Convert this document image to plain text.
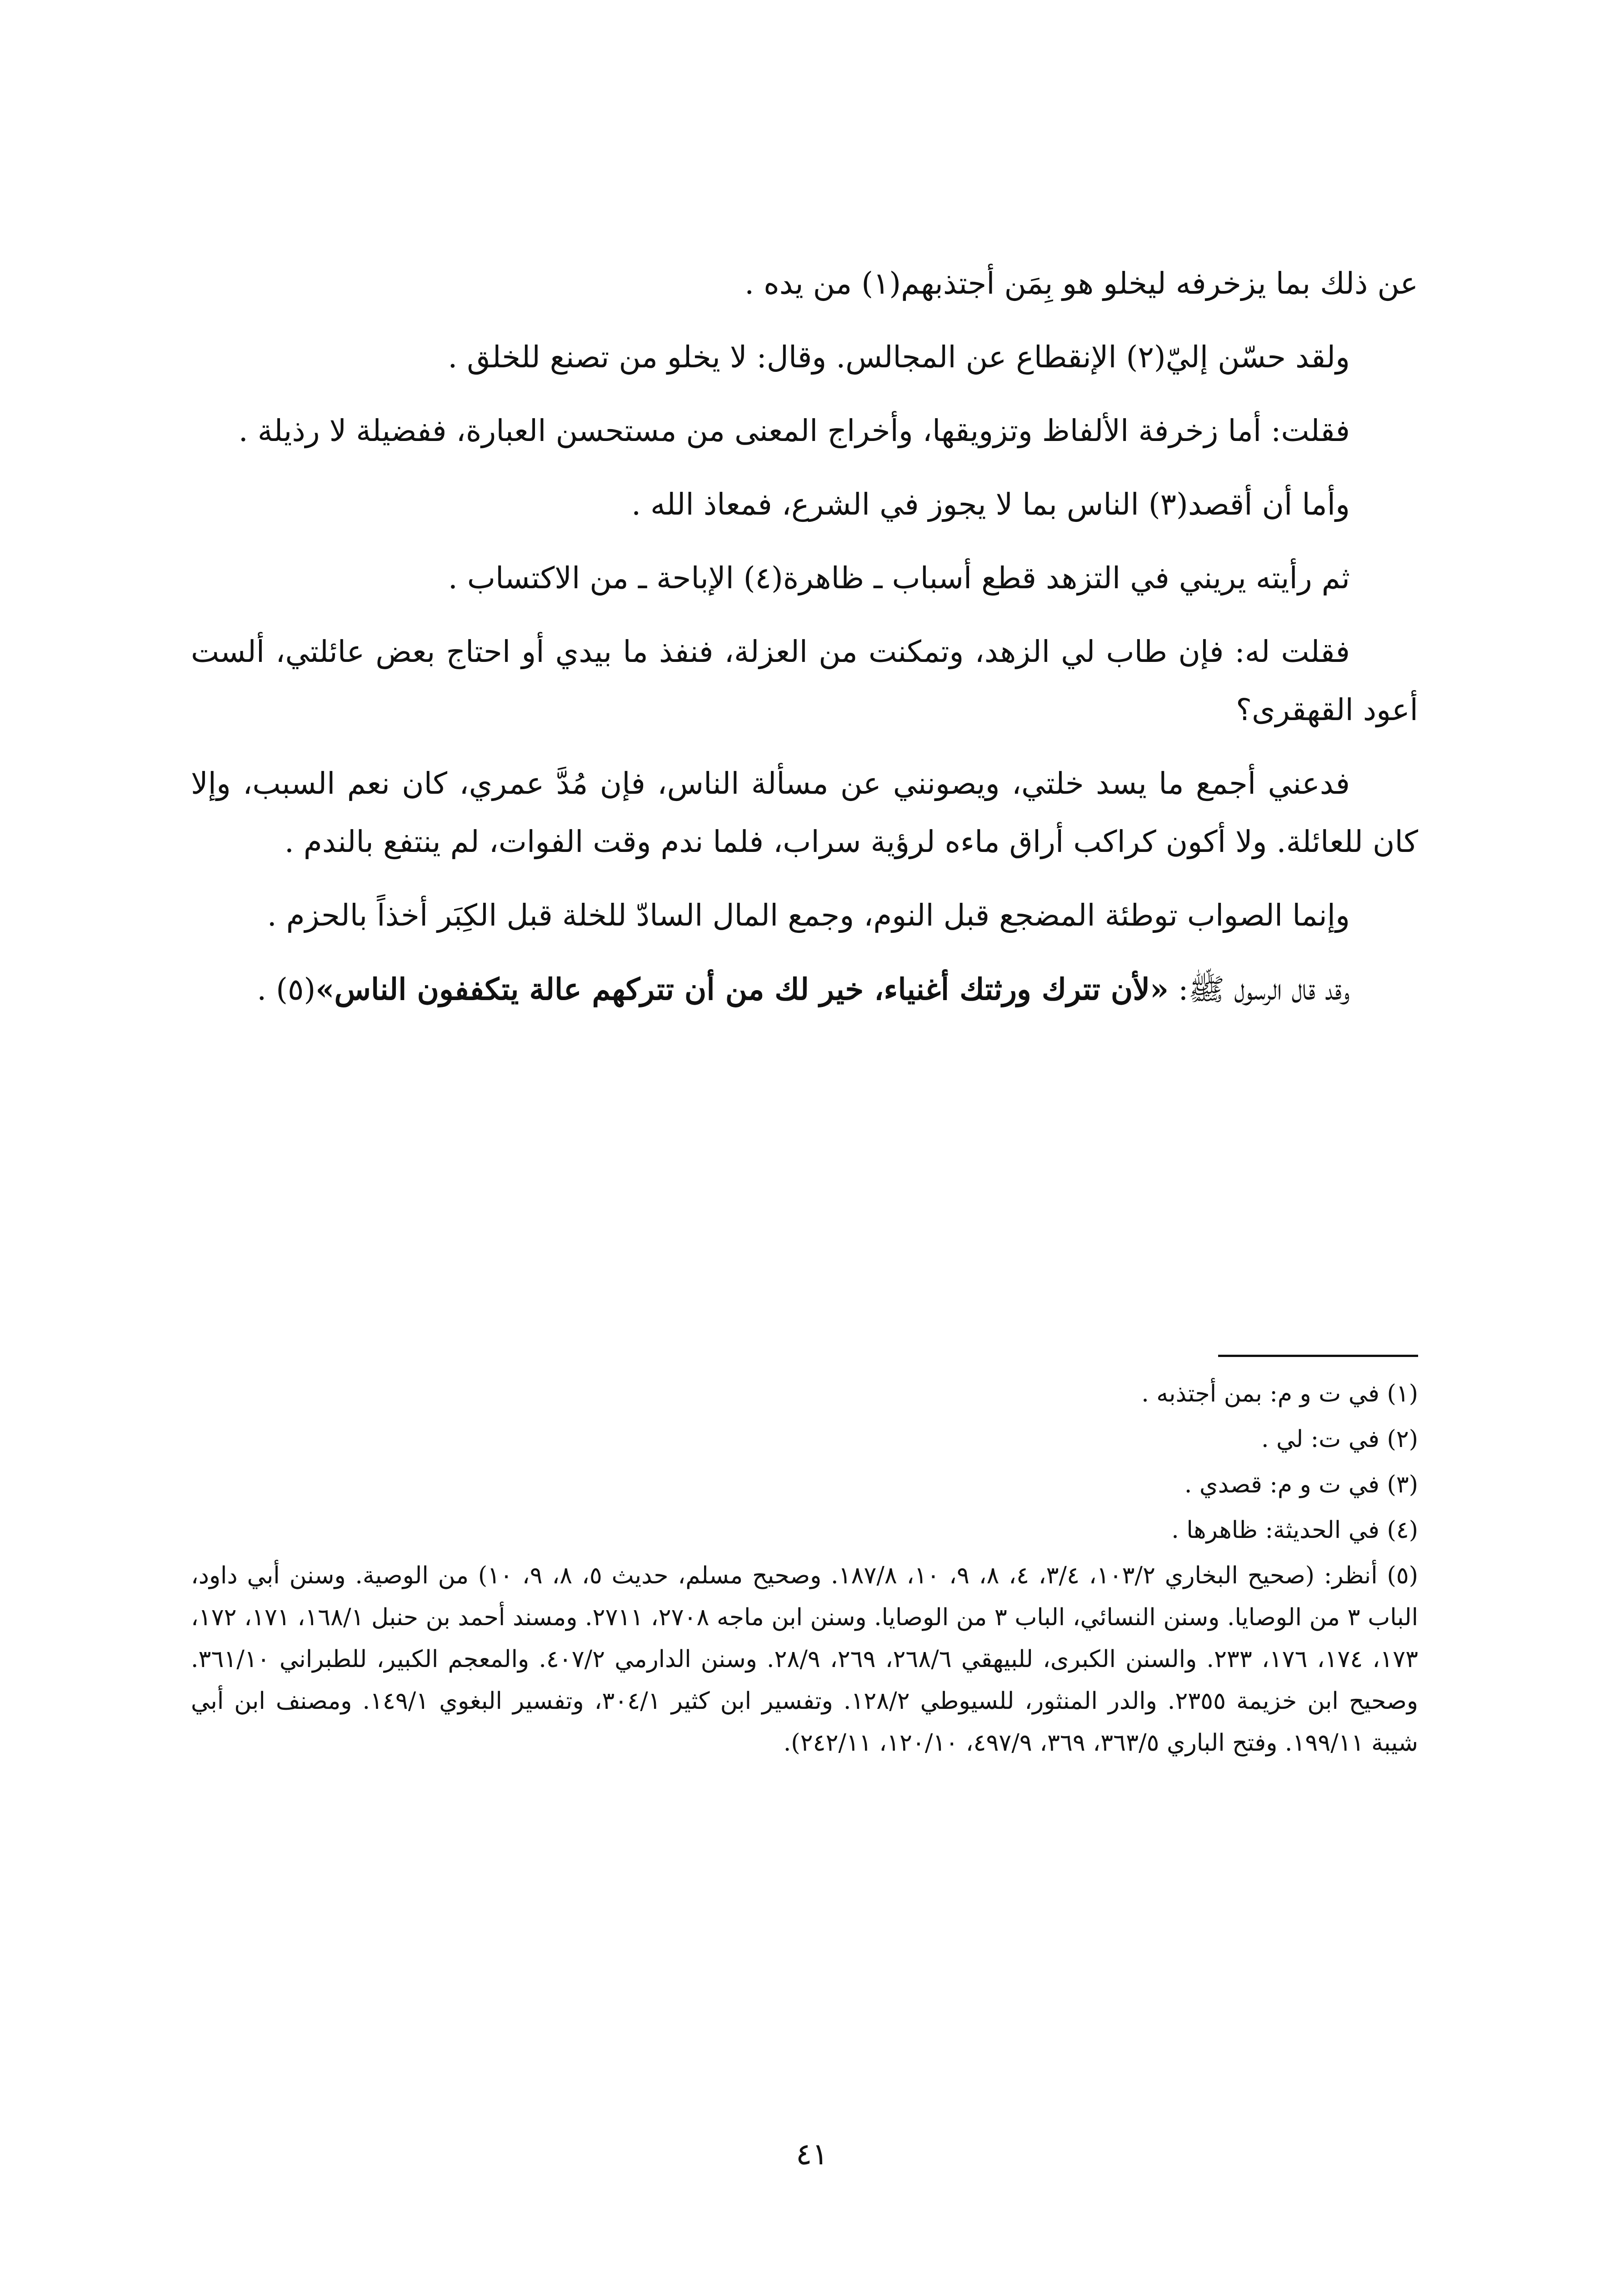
عن ذلك بما يزخرفه ليخلو هو بِمَن أجتذبهم(١) من يده .

ولقد حسّن إليّ(٢) الإنقطاع عن المجالس. وقال: لا يخلو من تصنع للخلق .

فقلت: أما زخرفة الألفاظ وتزويقها، وأخراج المعنى من مستحسن العبارة، ففضيلة لا رذيلة .

وأما أن أقصد(٣) الناس بما لا يجوز في الشرع، فمعاذ الله .

ثم رأيته يريني في التزهد قطع أسباب ـ ظاهرة(٤) الإباحة ـ من الاكتساب .

فقلت له: فإن طاب لي الزهد، وتمكنت من العزلة، فنفذ ما بيدي أو احتاج بعض عائلتي، ألست أعود القهقرى؟

فدعني أجمع ما يسد خلتي، ويصونني عن مسألة الناس، فإن مُدَّ عمري، كان نعم السبب، وإلا كان للعائلة. ولا أكون كراكب أراق ماءه لرؤية سراب، فلما ندم وقت الفوات، لم ينتفع بالندم .

وإنما الصواب توطئة المضجع قبل النوم، وجمع المال السادّ للخلة قبل الكِبَر أخذاً بالحزم .

وقد قال الرسول ﷺ: «لأن تترك ورثتك أغنياء، خير لك من أن تتركهم عالة يتكففون الناس»(٥) .

(١) في ت و م: بمن أجتذبه .

(٢) في ت: لي .

(٣) في ت و م: قصدي .

(٤) في الحديثة: ظاهرها .

(٥) أنظر: (صحيح البخاري ١٠٣/٢، ٣/٤، ٤، ٨، ٩، ١٠، ١٨٧/٨. وصحيح مسلم، حديث ٥، ٨، ٩، ١٠) من الوصية. وسنن أبي داود، الباب ٣ من الوصايا. وسنن النسائي، الباب ٣ من الوصايا. وسنن ابن ماجه ٢٧٠٨، ٢٧١١. ومسند أحمد بن حنبل ١٦٨/١، ١٧١، ١٧٢، ١٧٣، ١٧٤، ١٧٦، ٢٣٣. والسنن الكبرى، للبيهقي ٢٦٨/٦، ٢٦٩، ٢٨/٩. وسنن الدارمي ٤٠٧/٢. والمعجم الكبير، للطبراني ٣٦١/١٠. وصحيح ابن خزيمة ٢٣٥٥. والدر المنثور، للسيوطي ١٢٨/٢. وتفسير ابن كثير ٣٠٤/١، وتفسير البغوي ١٤٩/١. ومصنف ابن أبي شيبة ١٩٩/١١. وفتح الباري ٣٦٣/٥، ٣٦٩، ٤٩٧/٩، ١٢٠/١٠، ٢٤٢/١١).

٤١
